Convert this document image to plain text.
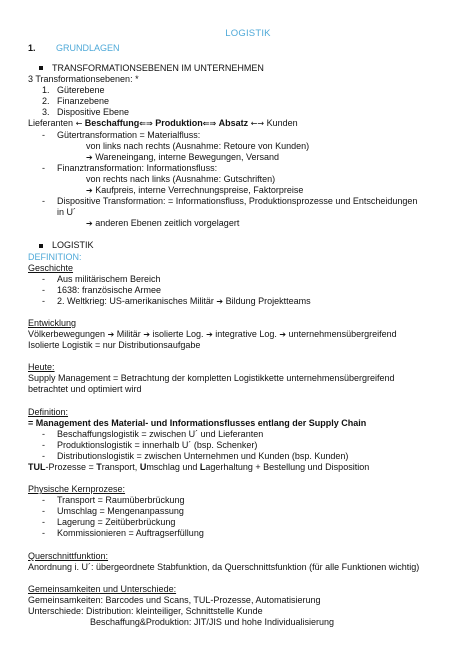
LOGISTIK
1.	GRUNDLAGEN
TRANSFORMATIONSEBENEN IM UNTERNEHMEN
3 Transformationsebenen: *
1. Güterebene
2. Finanzebene
3. Dispositive Ebene
Lieferanten ← Beschaffung⇐⇒ Produktion⇐⇒ Absatz ←→ Kunden
- Gütertransformation = Materialfluss:
von links nach rechts (Ausnahme: Retoure von Kunden)
➔ Wareneingang, interne Bewegungen, Versand
- Finanztransformation: Informationsfluss:
von rechts nach links (Ausnahme: Gutschriften)
➔ Kaufpreis, interne Verrechnungspreise, Faktorpreise
- Dispositive Transformation: = Informationsfluss, Produktionsprozesse und Entscheidungen
in U´
➔ anderen Ebenen zeitlich vorgelagert
LOGISTIK
DEFINITION:
Geschichte
- Aus militärischem Bereich
- 1638: französische Armee
- 2. Weltkrieg: US-amerikanisches Militär ➔ Bildung Projektteams
Entwicklung
Völkerbewegungen ➔ Militär ➔ isolierte Log. ➔ integrative Log. ➔ unternehmensübergreifend
Isolierte Logistik = nur Distributionsaufgabe
Heute:
Supply Management = Betrachtung der kompletten Logistikkette unternehmensübergreifend
betrachtet und optimiert wird
Definition:
= Management des Material- und Informationsflusses entlang der Supply Chain
- Beschaffungslogistik = zwischen U´ und Lieferanten
- Produktionslogistik = innerhalb U´ (bsp. Schenker)
- Distributionslogistik = zwischen Unternehmen und Kunden (bsp. Kunden)
TUL-Prozesse = Transport, Umschlag und Lagerhaltung + Bestellung und Disposition
Physische Kernprozese:
- Transport = Raumüberbrückung
- Umschlag = Mengenanpassung
- Lagerung = Zeitüberbrückung
- Kommissionieren = Auftragserfüllung
Querschnittfunktion:
Anordnung i. U´: übergeordnete Stabfunktion, da Querschnittsfunktion (für alle Funktionen wichtig)
Gemeinsamkeiten und Unterschiede:
Gemeinsamkeiten: Barcodes und Scans, TUL-Prozesse, Automatisierung
Unterschiede: Distribution: kleinteiliger, Schnittstelle Kunde
Beschaffung&Produktion: JIT/JIS und hohe Individualisierung
